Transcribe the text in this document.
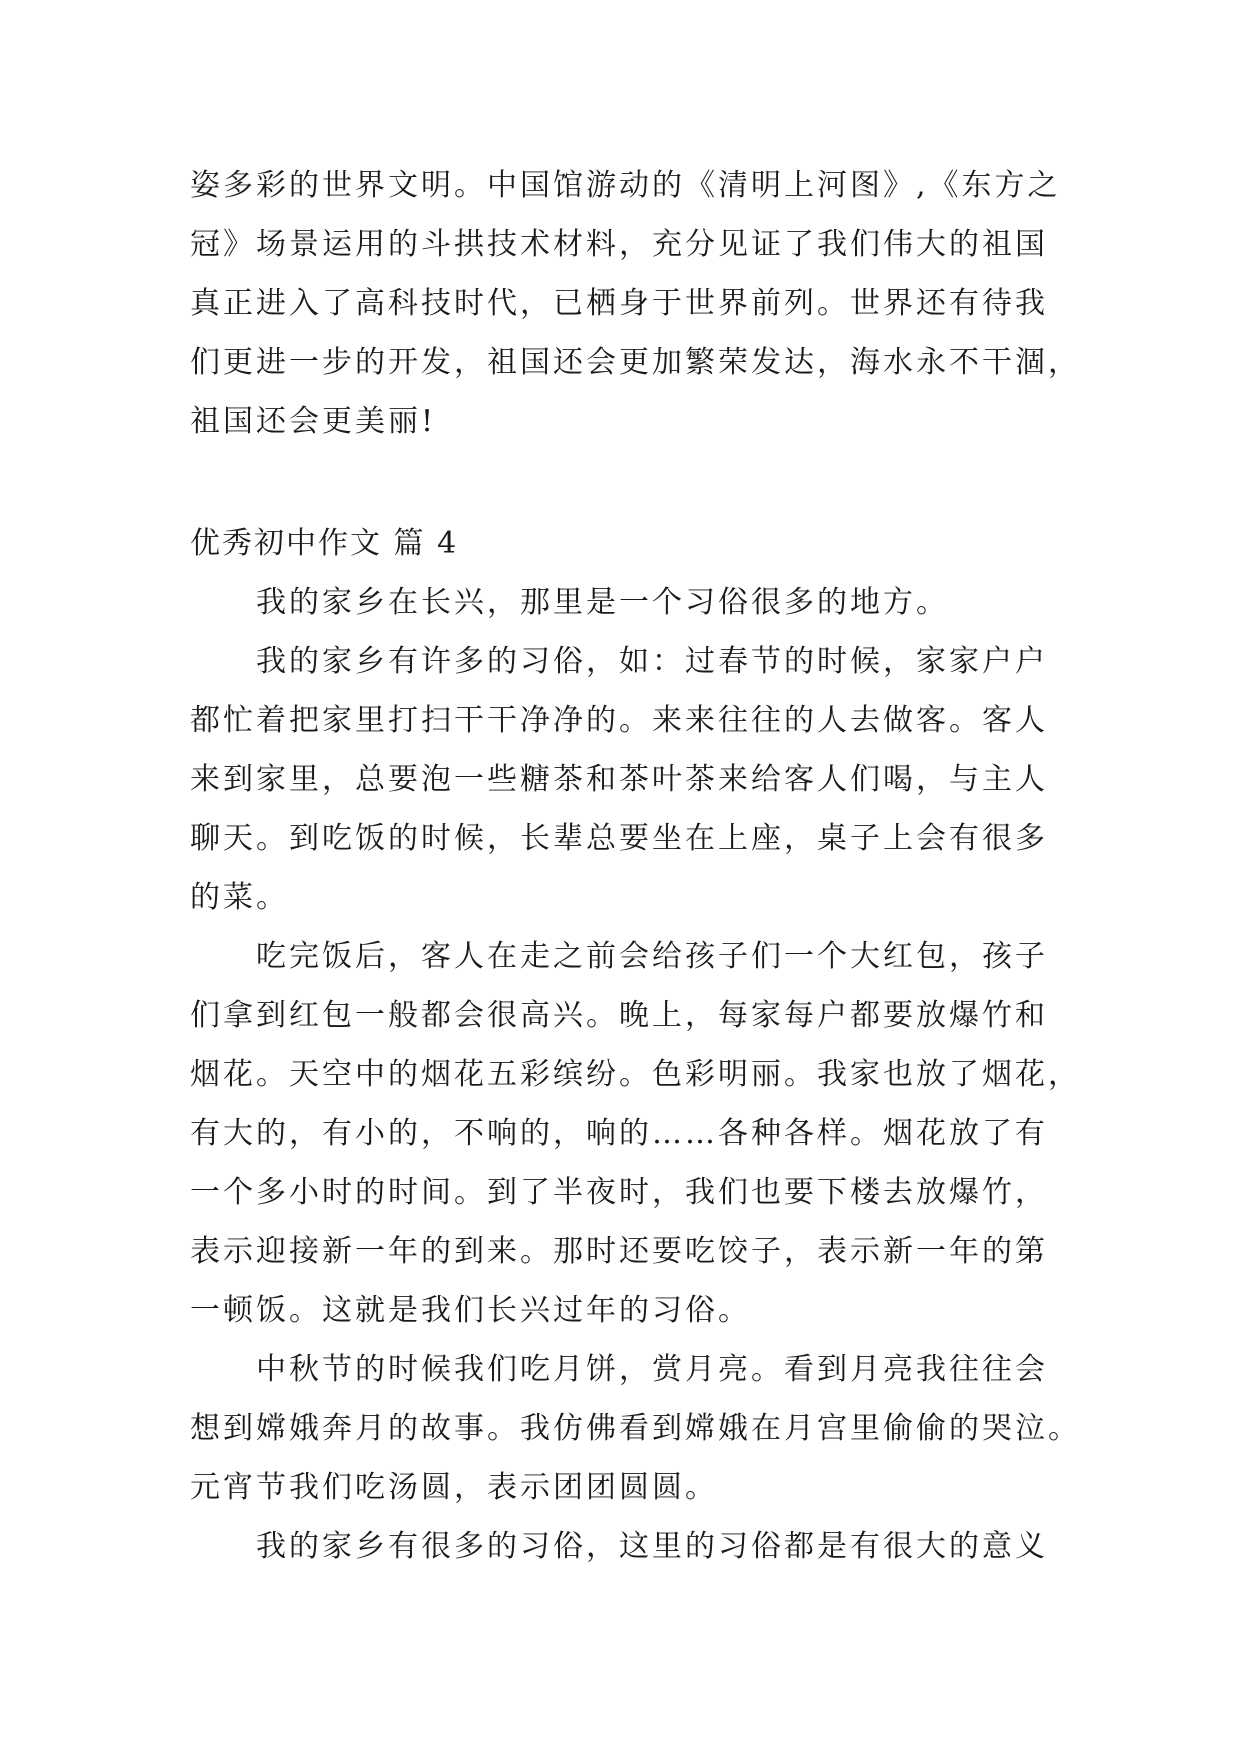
姿多彩的世界文明。中国馆游动的《清明上河图》,《东方之
冠》场景运用的斗拱技术材料，充分见证了我们伟大的祖国
真正进入了高科技时代，已栖身于世界前列。世界还有待我
们更进一步的开发，祖国还会更加繁荣发达，海水永不干涸，
祖国还会更美丽!
优秀初中作文 篇 4
我的家乡在长兴，那里是一个习俗很多的地方。
我的家乡有许多的习俗，如：过春节的时候，家家户户
都忙着把家里打扫干干净净的。来来往往的人去做客。客人
来到家里，总要泡一些糖茶和茶叶茶来给客人们喝，与主人
聊天。到吃饭的时候，长辈总要坐在上座，桌子上会有很多
的菜。
吃完饭后，客人在走之前会给孩子们一个大红包，孩子
们拿到红包一般都会很高兴。晚上，每家每户都要放爆竹和
烟花。天空中的烟花五彩缤纷。色彩明丽。我家也放了烟花，
有大的，有小的，不响的，响的……各种各样。烟花放了有
一个多小时的时间。到了半夜时，我们也要下楼去放爆竹，
表示迎接新一年的到来。那时还要吃饺子，表示新一年的第
一顿饭。这就是我们长兴过年的习俗。
中秋节的时候我们吃月饼，赏月亮。看到月亮我往往会
想到嫦娥奔月的故事。我仿佛看到嫦娥在月宫里偷偷的哭泣。
元宵节我们吃汤圆，表示团团圆圆。
我的家乡有很多的习俗，这里的习俗都是有很大的意义
